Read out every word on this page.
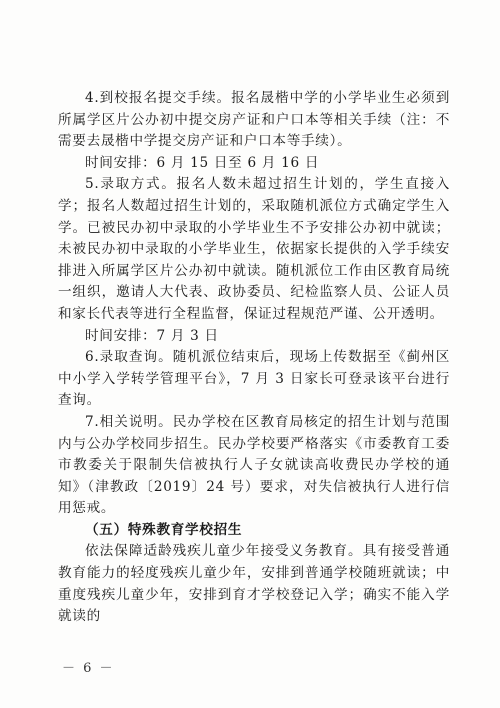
4.到校报名提交手续。报名晟楷中学的小学毕业生必须到所属学区片公办初中提交房产证和户口本等相关手续（注：不需要去晟楷中学提交房产证和户口本等手续）。

时间安排：6 月 15 日至 6 月 16 日

5.录取方式。报名人数未超过招生计划的，学生直接入学；报名人数超过招生计划的，采取随机派位方式确定学生入学。已被民办初中录取的小学毕业生不予安排公办初中就读；未被民办初中录取的小学毕业生，依据家长提供的入学手续安排进入所属学区片公办初中就读。随机派位工作由区教育局统一组织，邀请人大代表、政协委员、纪检监察人员、公证人员和家长代表等进行全程监督，保证过程规范严谨、公开透明。

时间安排：7 月 3 日

6.录取查询。随机派位结束后，现场上传数据至《蓟州区中小学入学转学管理平台》，7 月 3 日家长可登录该平台进行查询。

7.相关说明。民办学校在区教育局核定的招生计划与范围内与公办学校同步招生。民办学校要严格落实《市委教育工委 市教委关于限制失信被执行人子女就读高收费民办学校的通知》（津教政〔2019〕24 号）要求，对失信被执行人进行信用惩戒。

（五）特殊教育学校招生

依法保障适龄残疾儿童少年接受义务教育。具有接受普通教育能力的轻度残疾儿童少年，安排到普通学校随班就读；中重度残疾儿童少年，安排到育才学校登记入学；确实不能入学就读的

－ 6 －
